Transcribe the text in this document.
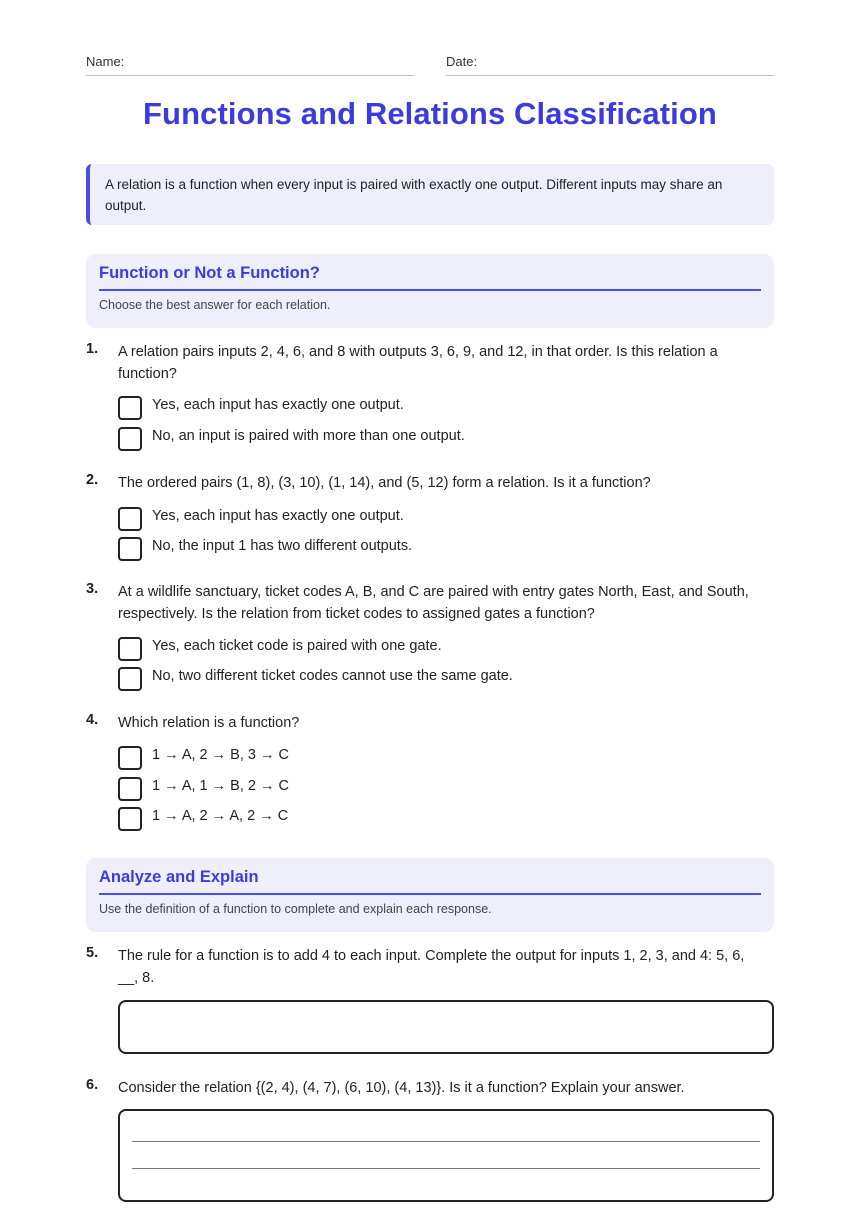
Name:	Date:
Functions and Relations Classification
A relation is a function when every input is paired with exactly one output. Different inputs may share an output.
Function or Not a Function?
Choose the best answer for each relation.
1. A relation pairs inputs 2, 4, 6, and 8 with outputs 3, 6, 9, and 12, in that order. Is this relation a function?
Yes, each input has exactly one output.
No, an input is paired with more than one output.
2. The ordered pairs (1, 8), (3, 10), (1, 14), and (5, 12) form a relation. Is it a function?
Yes, each input has exactly one output.
No, the input 1 has two different outputs.
3. At a wildlife sanctuary, ticket codes A, B, and C are paired with entry gates North, East, and South, respectively. Is the relation from ticket codes to assigned gates a function?
Yes, each ticket code is paired with one gate.
No, two different ticket codes cannot use the same gate.
4. Which relation is a function?
1 → A, 2 → B, 3 → C
1 → A, 1 → B, 2 → C
1 → A, 2 → A, 2 → C
Analyze and Explain
Use the definition of a function to complete and explain each response.
5. The rule for a function is to add 4 to each input. Complete the output for inputs 1, 2, 3, and 4: 5, 6, __, 8.
6. Consider the relation {(2, 4), (4, 7), (6, 10), (4, 13)}. Is it a function? Explain your answer.
